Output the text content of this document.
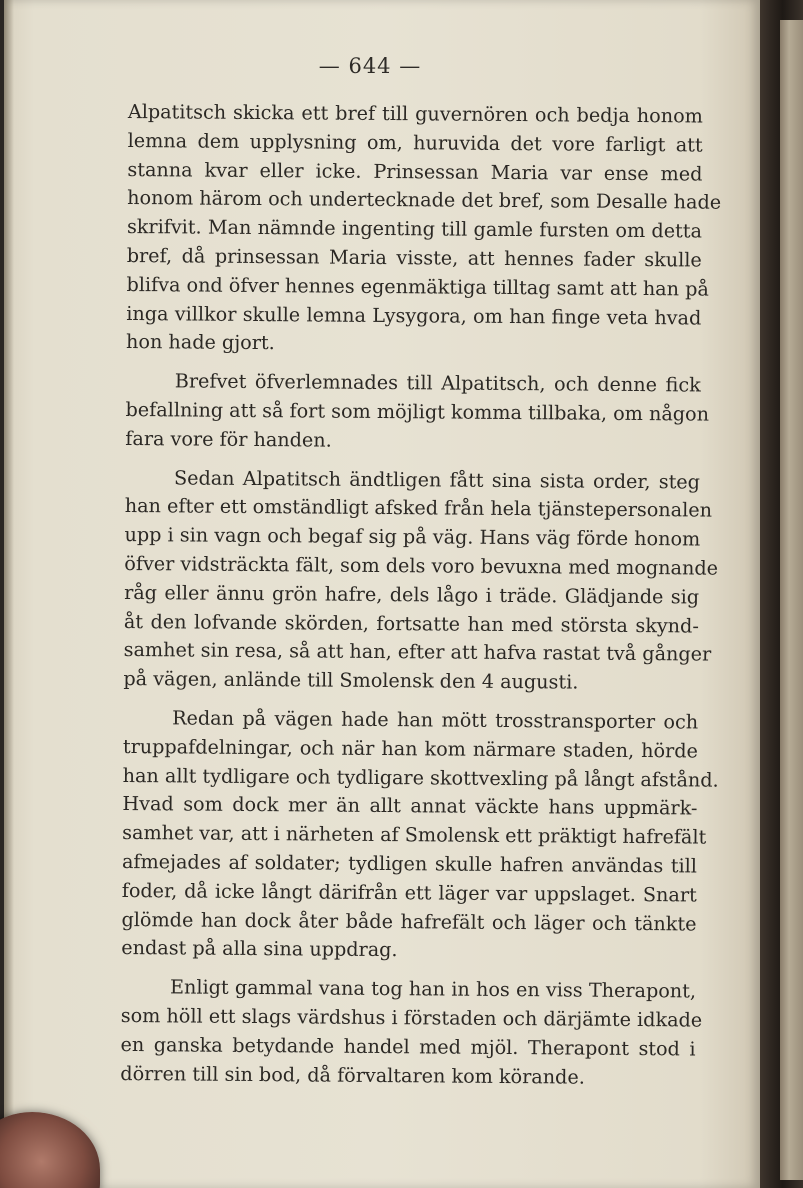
— 644 —

Alpatitsch skicka ett bref till guvernören och bedja honom
lemna dem upplysning om, huruvida det vore farligt att
stanna kvar eller icke. Prinsessan Maria var ense med
honom härom och undertecknade det bref, som Desalle hade
skrifvit. Man nämnde ingenting till gamle fursten om detta
bref, då prinsessan Maria visste, att hennes fader skulle
blifva ond öfver hennes egenmäktiga tilltag samt att han på
inga villkor skulle lemna Lysygora, om han finge veta hvad
hon hade gjort.

Brefvet öfverlemnades till Alpatitsch, och denne fick
befallning att så fort som möjligt komma tillbaka, om någon
fara vore för handen.

Sedan Alpatitsch ändtligen fått sina sista order, steg
han efter ett omständligt afsked från hela tjänstepersonalen
upp i sin vagn och begaf sig på väg. Hans väg förde honom
öfver vidsträckta fält, som dels voro bevuxna med mognande
råg eller ännu grön hafre, dels lågo i träde. Glädjande sig
åt den lofvande skörden, fortsatte han med största skynd-
samhet sin resa, så att han, efter att hafva rastat två gånger
på vägen, anlände till Smolensk den 4 augusti.

Redan på vägen hade han mött trosstransporter och
truppafdelningar, och när han kom närmare staden, hörde
han allt tydligare och tydligare skottvexling på långt afstånd.
Hvad som dock mer än allt annat väckte hans uppmärk-
samhet var, att i närheten af Smolensk ett präktigt hafrefält
afmejades af soldater; tydligen skulle hafren användas till
foder, då icke långt därifrån ett läger var uppslaget. Snart
glömde han dock åter både hafrefält och läger och tänkte
endast på alla sina uppdrag.

Enligt gammal vana tog han in hos en viss Therapont,
som höll ett slags värdshus i förstaden och därjämte idkade
en ganska betydande handel med mjöl. Therapont stod i
dörren till sin bod, då förvaltaren kom körande.
